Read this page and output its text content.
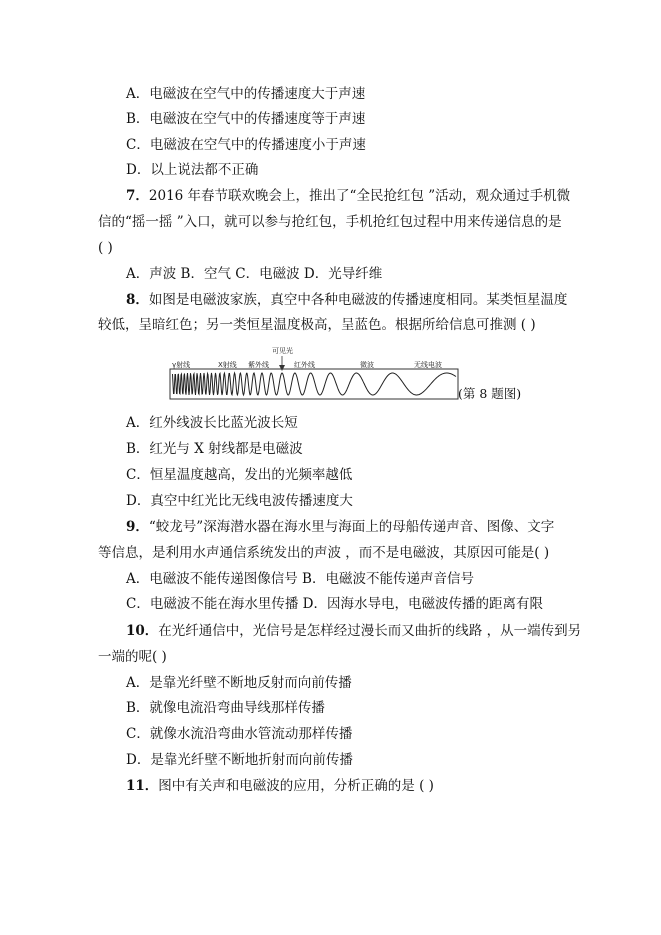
A．电磁波在空气中的传播速度大于声速
B．电磁波在空气中的传播速度等于声速
C．电磁波在空气中的传播速度小于声速
D．以上说法都不正确
7．2016 年春节联欢晚会上，推出了“全民抢红包 ”活动，观众通过手机微
信的“摇一摇 ”入口，就可以参与抢红包，手机抢红包过程中用来传递信息的是
( )
A．声波 B．空气 C．电磁波 D．光导纤维
8．如图是电磁波家族，真空中各种电磁波的传播速度相同。某类恒星温度
较低，呈暗红色；另一类恒星温度极高，呈蓝色。根据所给信息可推测 ( )
γ射线	X射线 紫外线
可见光
红外线	微波	无线电波
(第 8 题图)
A．红外线波长比蓝光波长短
B．红光与 X 射线都是电磁波
C．恒星温度越高，发出的光频率越低
D．真空中红光比无线电波传播速度大
9．“蛟龙号”深海潜水器在海水里与海面上的母船传递声音、图像、文字
等信息，是利用水声通信系统发出的声波 ，而不是电磁波，其原因可能是( )
A．电磁波不能传递图像信号 B．电磁波不能传递声音信号
C．电磁波不能在海水里传播 D．因海水导电，电磁波传播的距离有限
10．在光纤通信中，光信号是怎样经过漫长而又曲折的线路 ，从一端传到另
一端的呢( )
A．是靠光纤壁不断地反射而向前传播
B．就像电流沿弯曲导线那样传播
C．就像水流沿弯曲水管流动那样传播
D．是靠光纤壁不断地折射而向前传播
11．图中有关声和电磁波的应用，分析正确的是 ( )
